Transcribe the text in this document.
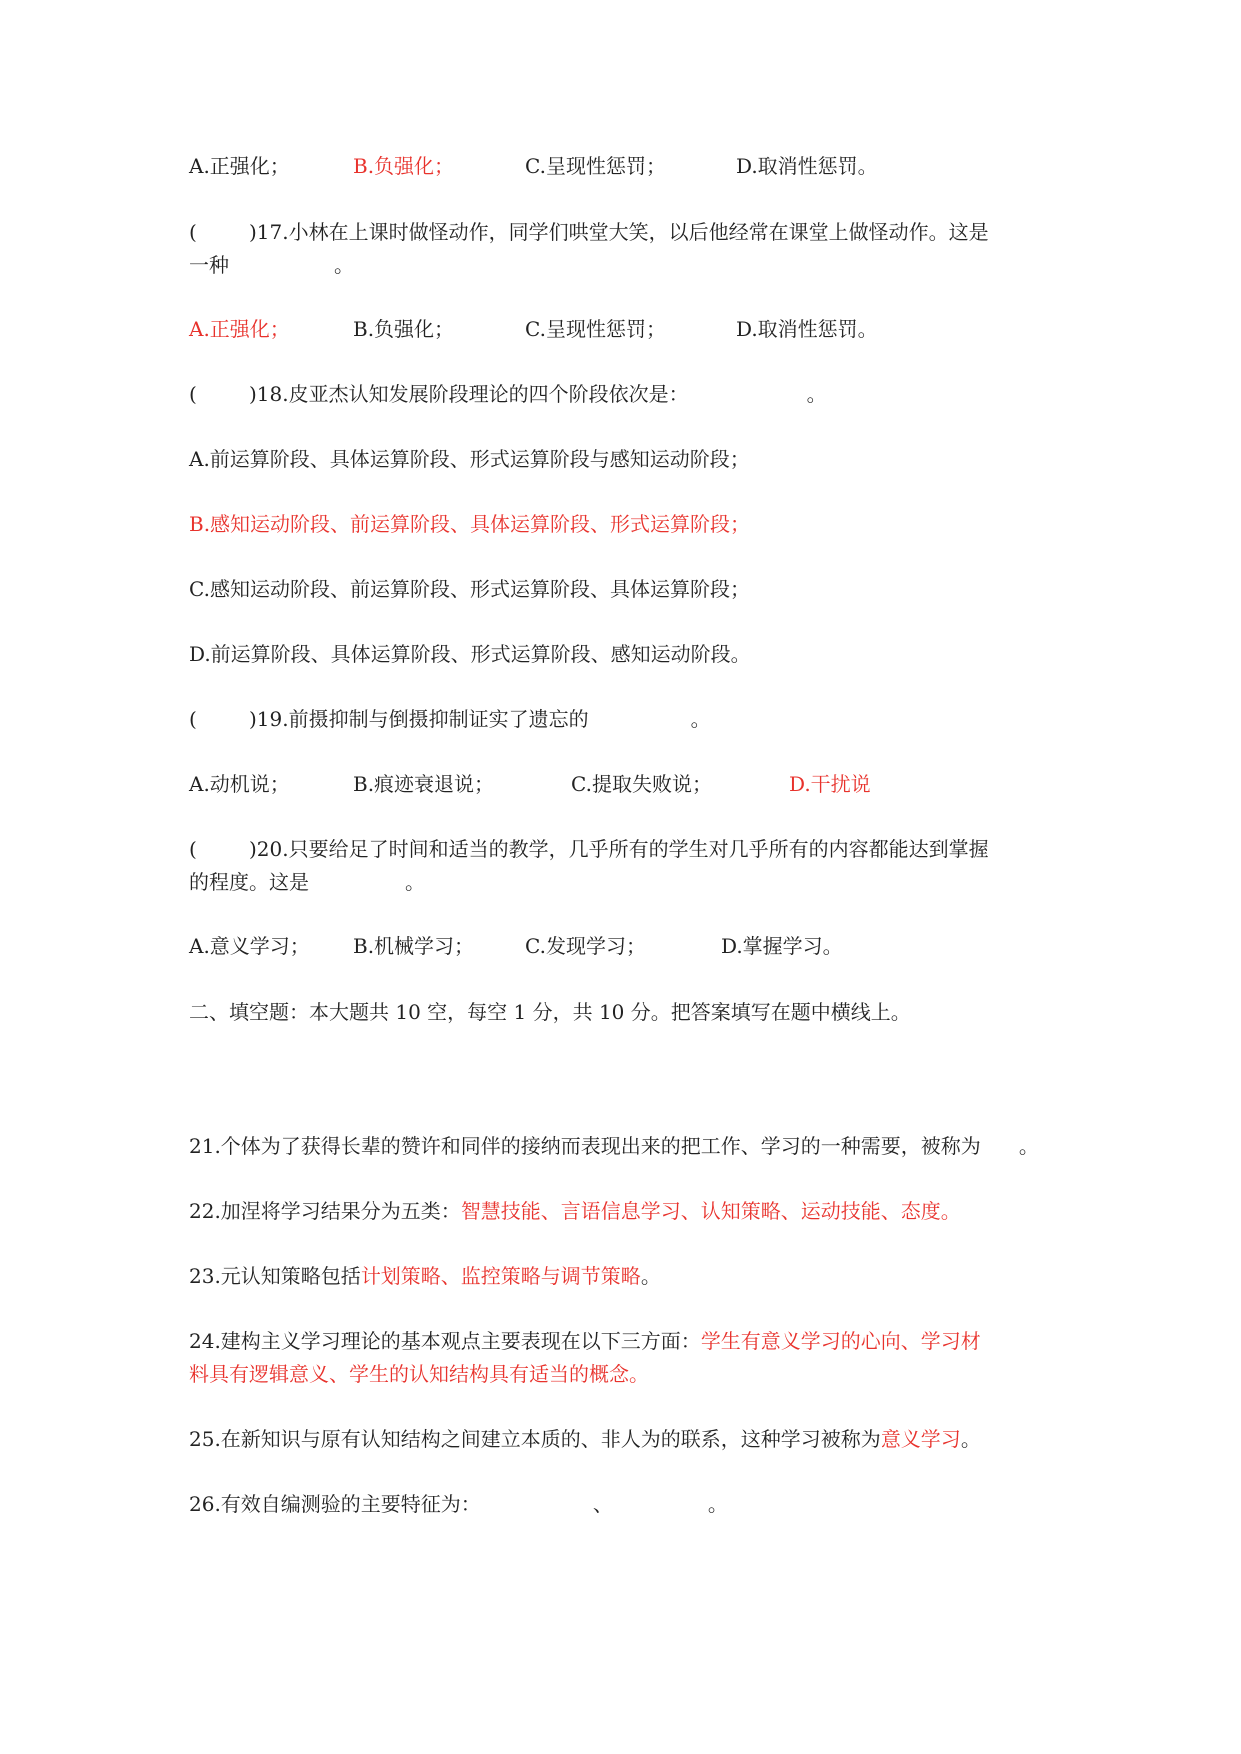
A.正强化；	B.负强化；	C.呈现性惩罚；	D.取消性惩罚。
(	)17.小林在上课时做怪动作，同学们哄堂大笑，以后他经常在课堂上做怪动作。这是
一种	。
A.正强化；	B.负强化；	C.呈现性惩罚；	D.取消性惩罚。
(	)18.皮亚杰认知发展阶段理论的四个阶段依次是：	。
A.前运算阶段、具体运算阶段、形式运算阶段与感知运动阶段；
B.感知运动阶段、前运算阶段、具体运算阶段、形式运算阶段；
C.感知运动阶段、前运算阶段、形式运算阶段、具体运算阶段；
D.前运算阶段、具体运算阶段、形式运算阶段、感知运动阶段。
(	)19.前摄抑制与倒摄抑制证实了遗忘的	。
A.动机说；	B.痕迹衰退说；	C.提取失败说；	D.干扰说
(	)20.只要给足了时间和适当的教学，几乎所有的学生对几乎所有的内容都能达到掌握
的程度。这是	。
A.意义学习； B.机械学习；	C.发现学习；	D.掌握学习。
二、填空题：本大题共 10 空，每空 1 分，共 10 分。把答案填写在题中横线上。
21.个体为了获得长辈的赞许和同伴的接纳而表现出来的把工作、学习的一种需要，被称为 。
22.加涅将学习结果分为五类：智慧技能、言语信息学习、认知策略、运动技能、态度。
23.元认知策略包括计划策略、监控策略与调节策略。
24.建构主义学习理论的基本观点主要表现在以下三方面：学生有意义学习的心向、学习材
料具有逻辑意义、学生的认知结构具有适当的概念。
25.在新知识与原有认知结构之间建立本质的、非人为的联系，这种学习被称为意义学习。
26.有效自编测验的主要特征为：	、	。
